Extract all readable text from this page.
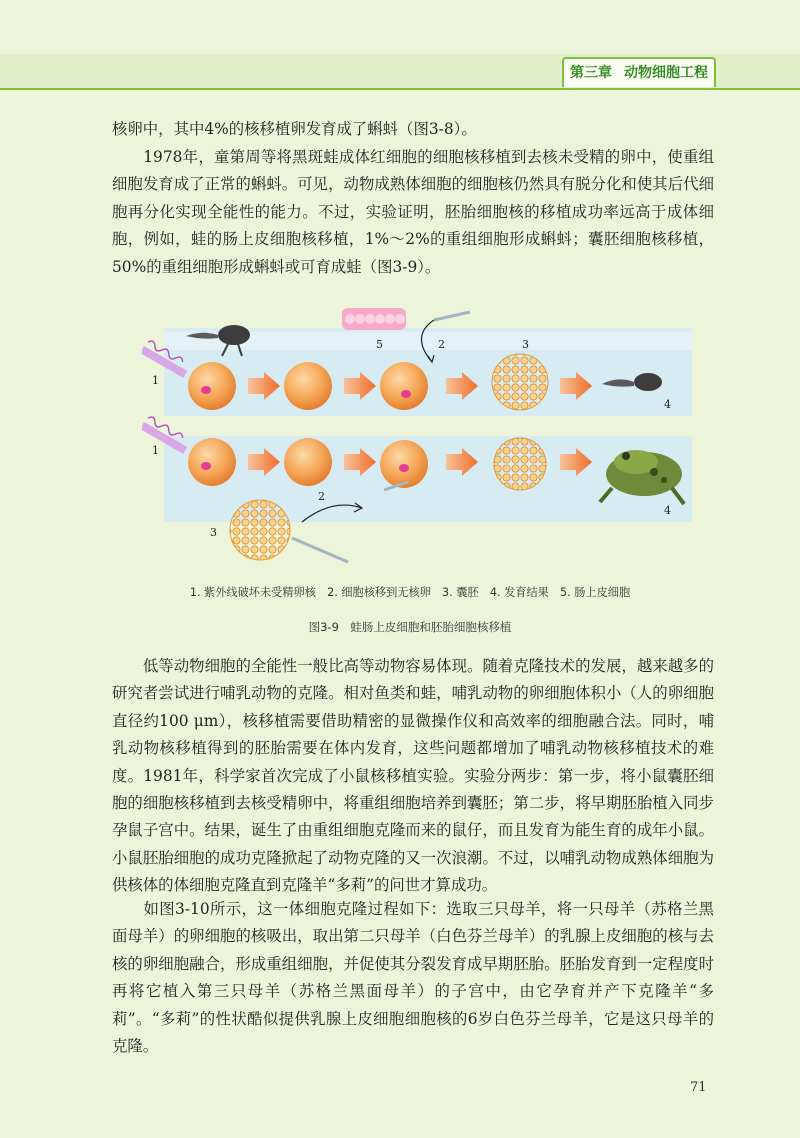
第三章 动物细胞工程

核卵中，其中4%的核移植卵发育成了蝌蚪（图3-8）。

　　1978年，童第周等将黑斑蛙成体红细胞的细胞核移植到去核未受精的卵中，使重组细胞发育成了正常的蝌蚪。可见，动物成熟体细胞的细胞核仍然具有脱分化和使其后代细胞再分化实现全能性的能力。不过，实验证明，胚胎细胞核的移植成功率远高于成体细胞，例如，蛙的肠上皮细胞核移植，1%～2%的重组细胞形成蝌蚪；囊胚细胞核移植，50%的重组细胞形成蝌蚪或可育成蛙（图3-9）。

1
1
2
2
3
3
4
4
5
1. 紫外线破坏未受精卵核　2. 细胞核移到无核卵　3. 囊胚　4. 发育结果　5. 肠上皮细胞
图3-9　蛙肠上皮细胞和胚胎细胞核移植

　　低等动物细胞的全能性一般比高等动物容易体现。随着克隆技术的发展，越来越多的研究者尝试进行哺乳动物的克隆。相对鱼类和蛙，哺乳动物的卵细胞体积小（人的卵细胞直径约100 μm），核移植需要借助精密的显微操作仪和高效率的细胞融合法。同时，哺乳动物核移植得到的胚胎需要在体内发育，这些问题都增加了哺乳动物核移植技术的难度。1981年，科学家首次完成了小鼠核移植实验。实验分两步：第一步，将小鼠囊胚细胞的细胞核移植到去核受精卵中，将重组细胞培养到囊胚；第二步，将早期胚胎植入同步孕鼠子宫中。结果，诞生了由重组细胞克隆而来的鼠仔，而且发育为能生育的成年小鼠。小鼠胚胎细胞的成功克隆掀起了动物克隆的又一次浪潮。不过，以哺乳动物成熟体细胞为供核体的体细胞克隆直到克隆羊“多莉”的问世才算成功。

　　如图3-10所示，这一体细胞克隆过程如下：选取三只母羊，将一只母羊（苏格兰黑面母羊）的卵细胞的核吸出，取出第二只母羊（白色芬兰母羊）的乳腺上皮细胞的核与去核的卵细胞融合，形成重组细胞，并促使其分裂发育成早期胚胎。胚胎发育到一定程度时再将它植入第三只母羊（苏格兰黑面母羊）的子宫中，由它孕育并产下克隆羊“多莉”。“多莉”的性状酷似提供乳腺上皮细胞细胞核的6岁白色芬兰母羊，它是这只母羊的克隆。

71
